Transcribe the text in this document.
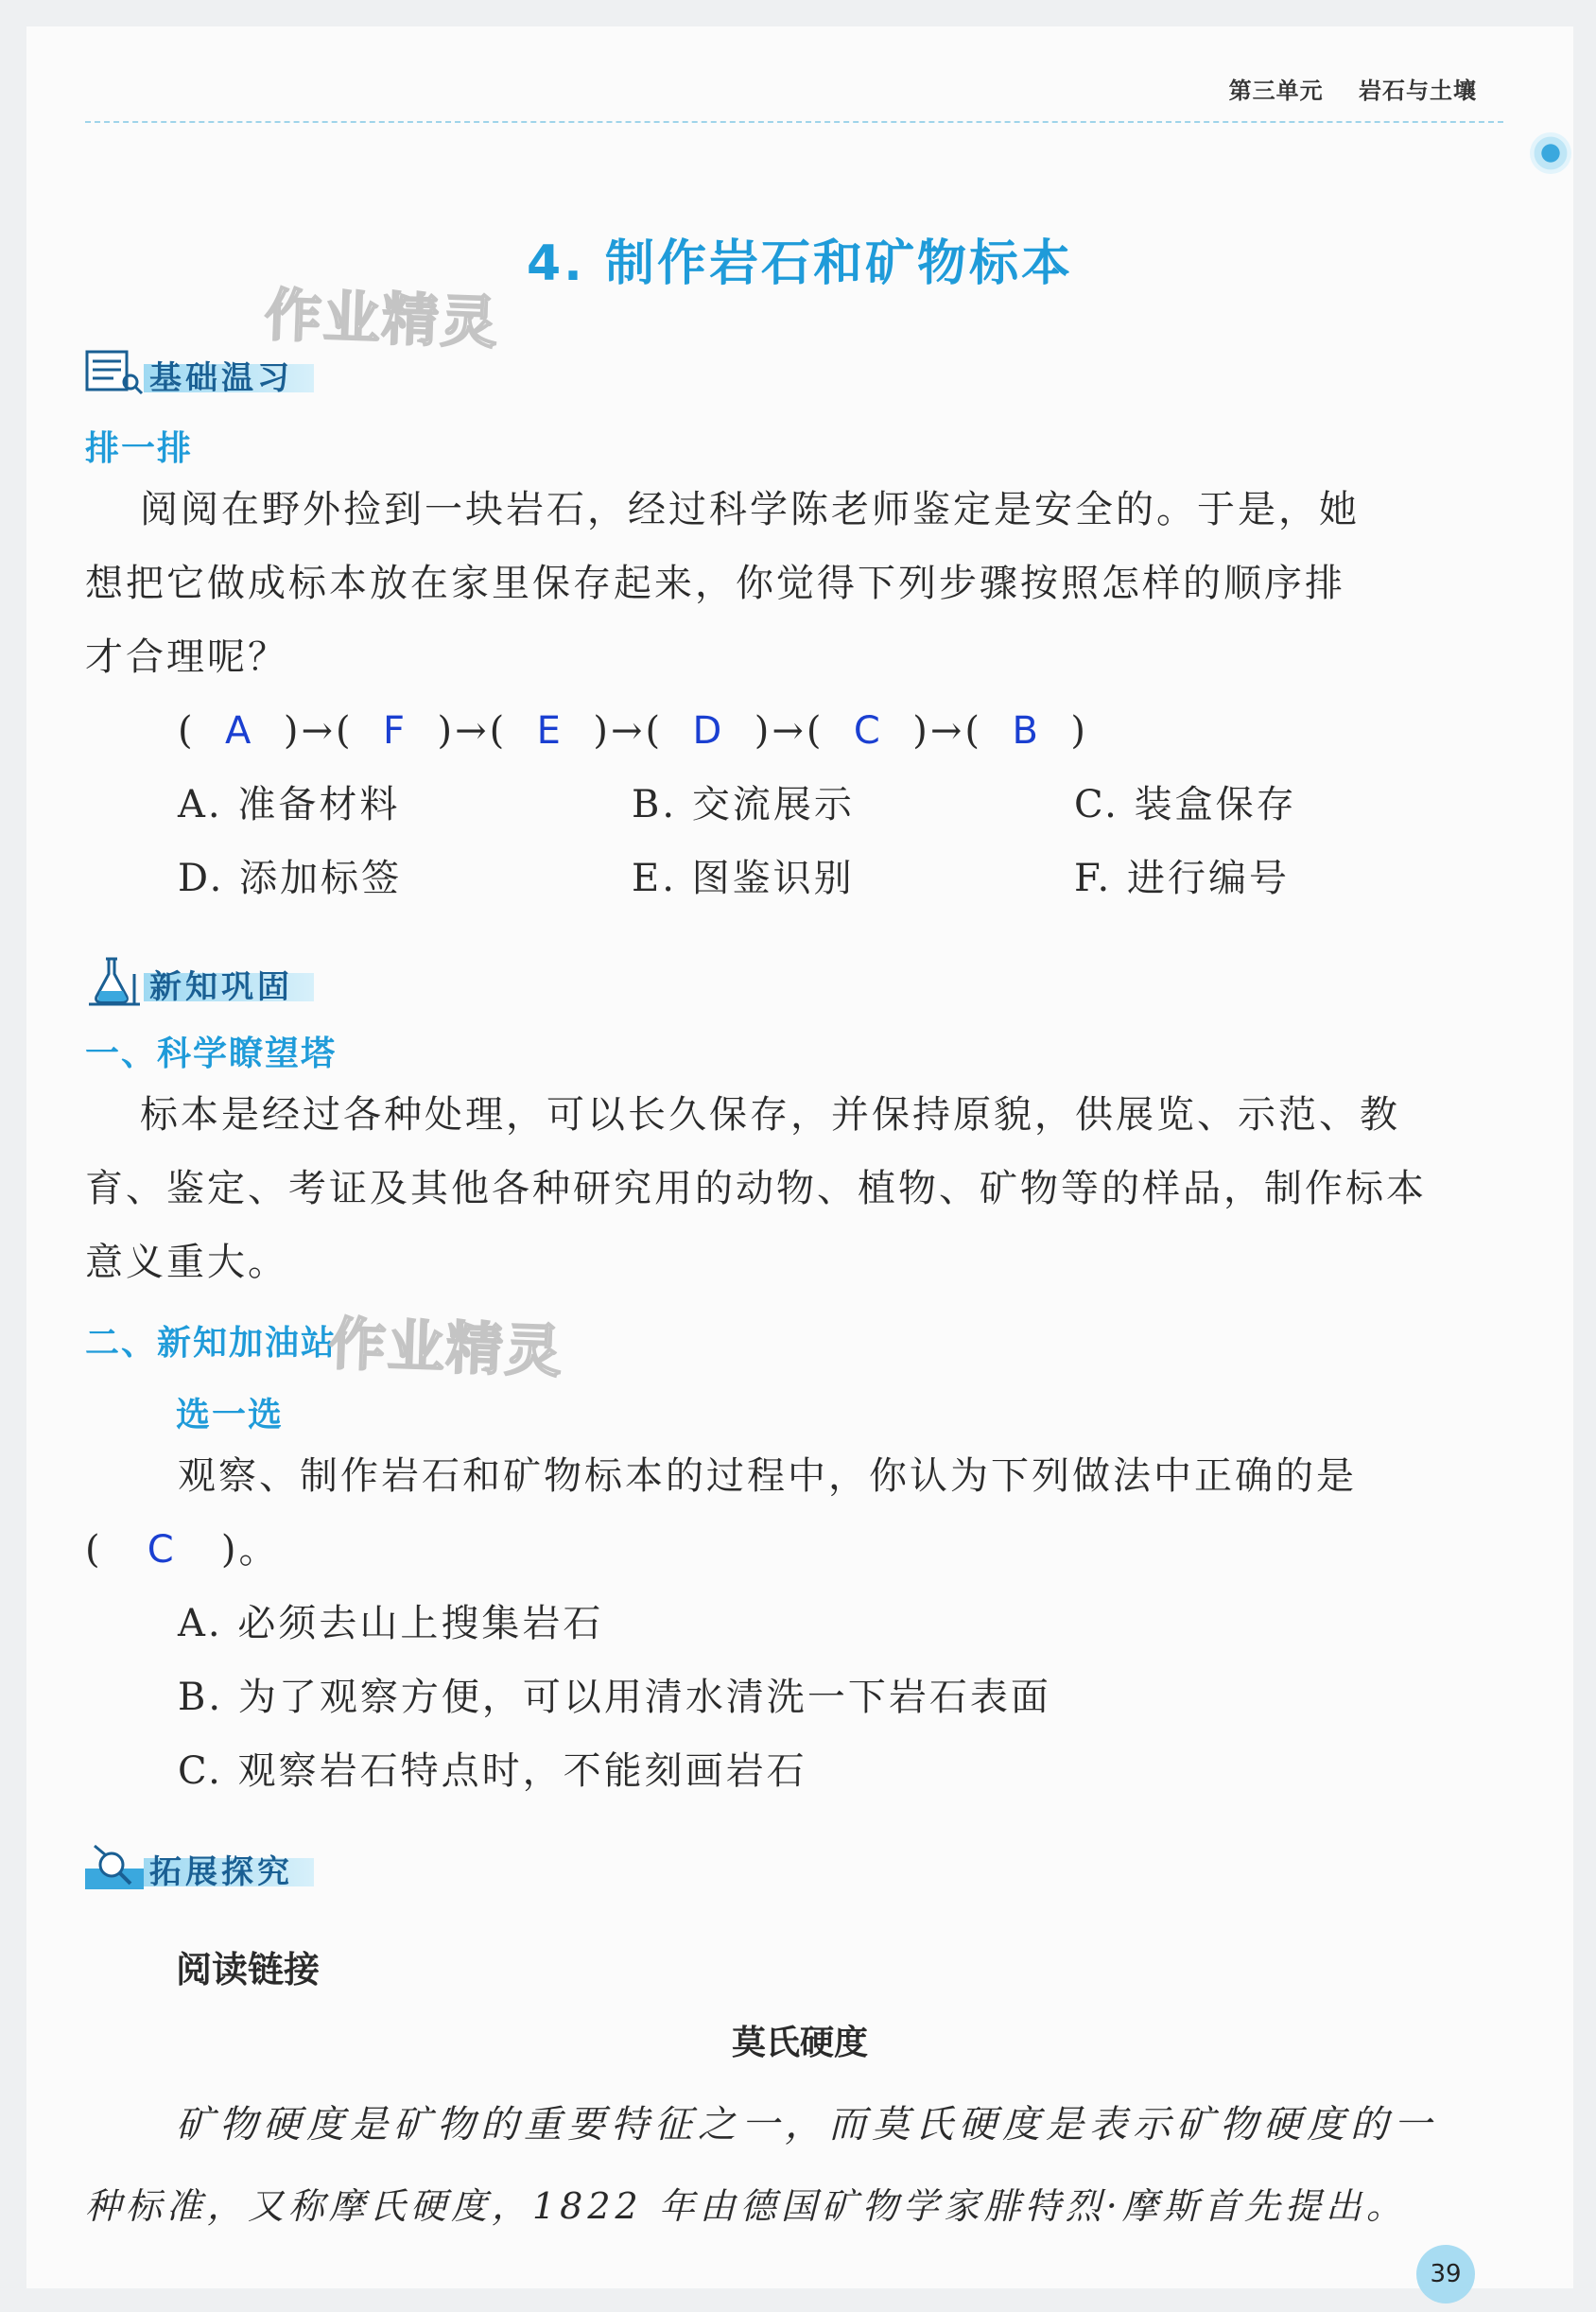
第三单元 岩石与土壤
4. 制作岩石和矿物标本
作业精灵
基础温习
排一排
阅阅在野外捡到一块岩石，经过科学陈老师鉴定是安全的。于是，她
想把它做成标本放在家里保存起来，你觉得下列步骤按照怎样的顺序排
才合理呢？
(  A  )→(  F  )→(  E  )→(  D  )→(  C  )→(  B  )
A. 准备材料	B. 交流展示	C. 装盒保存
D. 添加标签	E. 图鉴识别	F. 进行编号
新知巩固
一、科学瞭望塔
标本是经过各种处理，可以长久保存，并保持原貌，供展览、示范、教
育、鉴定、考证及其他各种研究用的动物、植物、矿物等的样品，制作标本
意义重大。
二、新知加油站
作业精灵
选一选
观察、制作岩石和矿物标本的过程中，你认为下列做法中正确的是
(   C   )。
A. 必须去山上搜集岩石
B. 为了观察方便，可以用清水清洗一下岩石表面
C. 观察岩石特点时，不能刻画岩石
拓展探究
阅读链接
莫氏硬度
矿物硬度是矿物的重要特征之一，而莫氏硬度是表示矿物硬度的一
种标准，又称摩氏硬度，1822 年由德国矿物学家腓特烈·摩斯首先提出。
39
